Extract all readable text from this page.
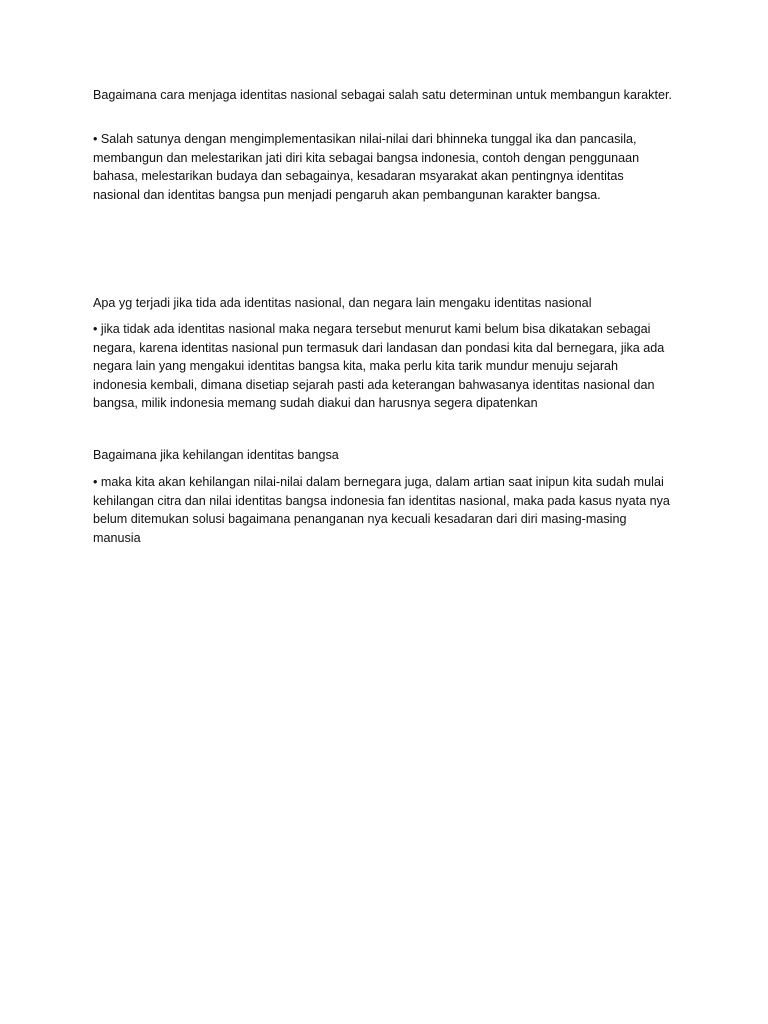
Bagaimana cara menjaga identitas nasional sebagai salah satu determinan untuk membangun karakter.

• Salah satunya dengan mengimplementasikan nilai-nilai dari bhinneka tunggal ika dan pancasila, membangun dan melestarikan jati diri kita sebagai bangsa indonesia, contoh dengan penggunaan bahasa, melestarikan budaya dan sebagainya, kesadaran msyarakat akan pentingnya identitas nasional dan identitas bangsa pun menjadi pengaruh akan pembangunan karakter bangsa.

Apa yg terjadi jika tida ada identitas nasional, dan negara lain mengaku identitas nasional

• jika tidak ada identitas nasional maka negara tersebut menurut kami belum bisa dikatakan sebagai negara, karena identitas nasional pun termasuk dari landasan dan pondasi kita dal bernegara, jika ada negara lain yang mengakui identitas bangsa kita, maka perlu kita tarik mundur menuju sejarah indonesia kembali, dimana disetiap sejarah pasti ada keterangan bahwasanya identitas nasional dan bangsa, milik indonesia memang sudah diakui dan harusnya segera dipatenkan

Bagaimana jika kehilangan identitas bangsa

• maka kita akan kehilangan nilai-nilai dalam bernegara juga, dalam artian saat inipun kita sudah mulai kehilangan citra dan nilai identitas bangsa indonesia fan identitas nasional, maka pada kasus nyata nya belum ditemukan solusi bagaimana penanganan nya kecuali kesadaran dari diri masing-masing manusia
